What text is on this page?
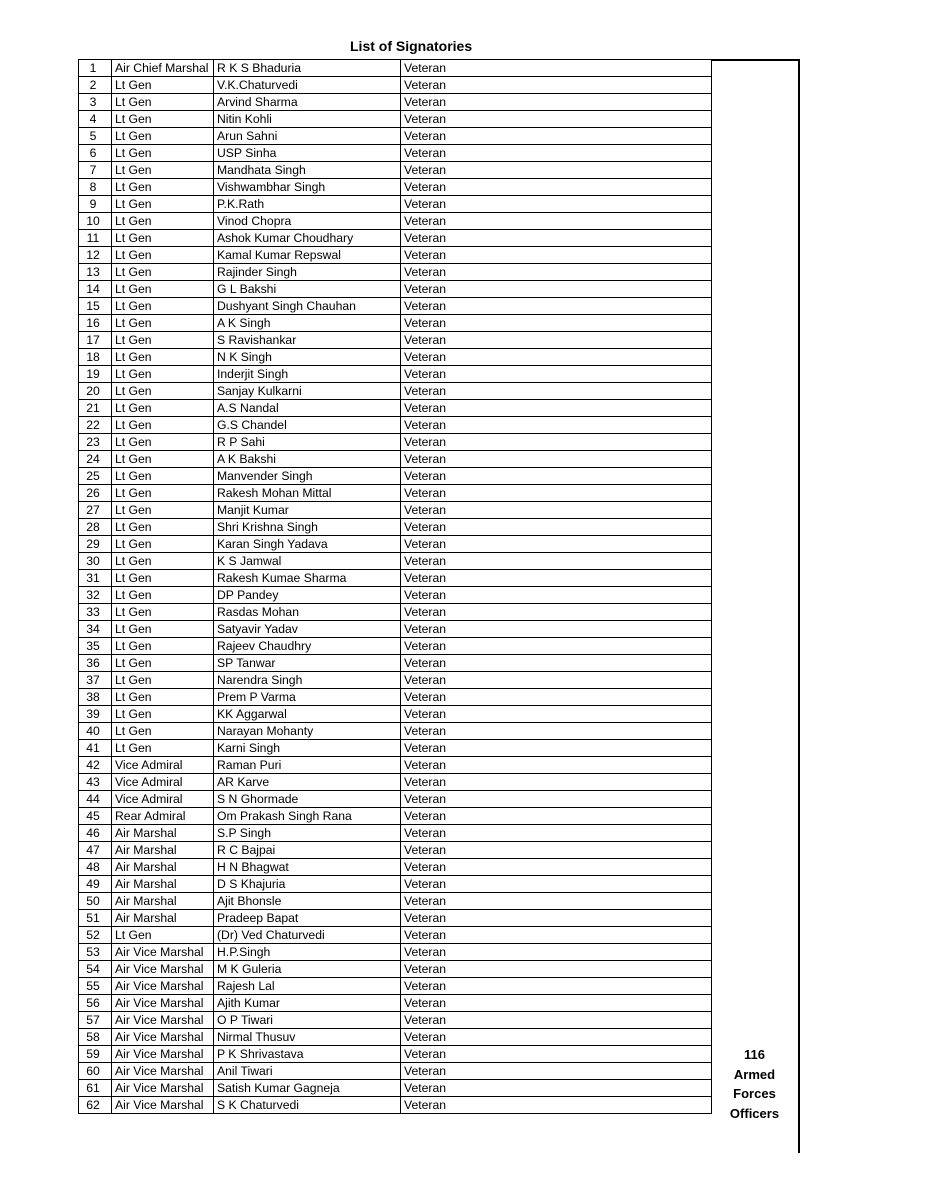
List of Signatories
1	Air Chief Marshal	R K S Bhaduria	Veteran
2	Lt Gen	V.K.Chaturvedi	Veteran
3	Lt Gen	Arvind Sharma	Veteran
4	Lt Gen	Nitin Kohli	Veteran
5	Lt Gen	Arun Sahni	Veteran
6	Lt Gen	USP Sinha	Veteran
7	Lt Gen	Mandhata Singh	Veteran
8	Lt Gen	Vishwambhar Singh	Veteran
9	Lt Gen	P.K.Rath	Veteran
10	Lt Gen	Vinod Chopra	Veteran
11	Lt Gen	Ashok Kumar Choudhary	Veteran
12	Lt Gen	Kamal Kumar Repswal	Veteran
13	Lt Gen	Rajinder Singh	Veteran
14	Lt Gen	G L Bakshi	Veteran
15	Lt Gen	Dushyant Singh Chauhan	Veteran
16	Lt Gen	A K Singh	Veteran
17	Lt Gen	S Ravishankar	Veteran
18	Lt Gen	N K Singh	Veteran
19	Lt Gen	Inderjit Singh	Veteran
20	Lt Gen	Sanjay Kulkarni	Veteran
21	Lt Gen	A.S Nandal	Veteran
22	Lt Gen	G.S Chandel	Veteran
23	Lt Gen	R P Sahi	Veteran
24	Lt Gen	A K Bakshi	Veteran
25	Lt Gen	Manvender Singh	Veteran
26	Lt Gen	Rakesh Mohan Mittal	Veteran
27	Lt Gen	Manjit Kumar	Veteran
28	Lt Gen	Shri Krishna Singh	Veteran
29	Lt Gen	Karan Singh Yadava	Veteran
30	Lt Gen	K S Jamwal	Veteran
31	Lt Gen	Rakesh Kumae Sharma	Veteran
32	Lt Gen	DP Pandey	Veteran
33	Lt Gen	Rasdas Mohan	Veteran
34	Lt Gen	Satyavir Yadav	Veteran
35	Lt Gen	Rajeev Chaudhry	Veteran
36	Lt Gen	SP Tanwar	Veteran
37	Lt Gen	Narendra Singh	Veteran
38	Lt Gen	Prem P Varma	Veteran
39	Lt Gen	KK Aggarwal	Veteran
40	Lt Gen	Narayan Mohanty	Veteran
41	Lt Gen	Karni Singh	Veteran
42	Vice Admiral	Raman Puri	Veteran
43	Vice Admiral	AR Karve	Veteran
44	Vice Admiral	S N Ghormade	Veteran
45	Rear Admiral	Om Prakash Singh Rana	Veteran
46	Air Marshal	S.P Singh	Veteran
47	Air Marshal	R C Bajpai	Veteran
48	Air Marshal	H N Bhagwat	Veteran
49	Air Marshal	D S Khajuria	Veteran
50	Air Marshal	Ajit Bhonsle	Veteran
51	Air Marshal	Pradeep Bapat	Veteran
52	Lt Gen	(Dr) Ved Chaturvedi	Veteran
53	Air Vice Marshal	H.P.Singh	Veteran
54	Air Vice Marshal	M K Guleria	Veteran
55	Air Vice Marshal	Rajesh Lal	Veteran
56	Air Vice Marshal	Ajith Kumar	Veteran
57	Air Vice Marshal	O P Tiwari	Veteran
58	Air Vice Marshal	Nirmal Thusuv	Veteran
59	Air Vice Marshal	P K Shrivastava	Veteran
60	Air Vice Marshal	Anil Tiwari	Veteran
61	Air Vice Marshal	Satish Kumar Gagneja	Veteran
62	Air Vice Marshal	S K Chaturvedi	Veteran
116
Armed
Forces
Officers
